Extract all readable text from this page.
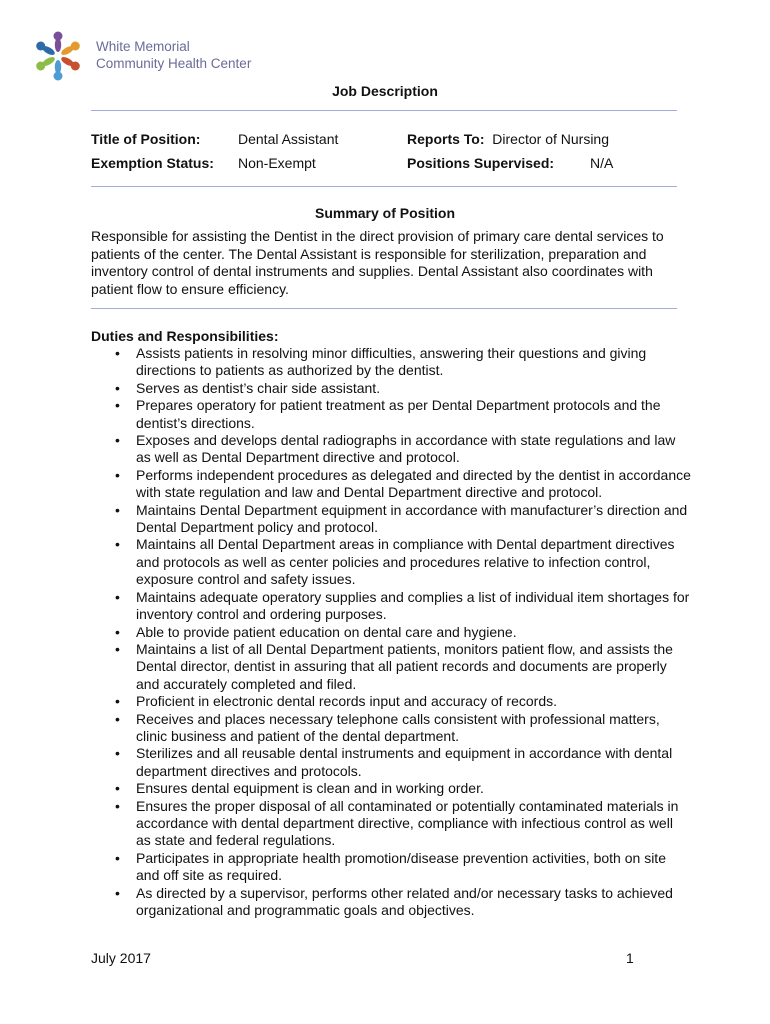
White Memorial
Community Health Center
Job Description
Title of Position:	Dental Assistant	Reports To: Director of Nursing
Exemption Status: Non-Exempt	Positions Supervised:	N/A
Summary of Position
Responsible for assisting the Dentist in the direct provision of primary care dental services to patients of the center. The Dental Assistant is responsible for sterilization, preparation and inventory control of dental instruments and supplies. Dental Assistant also coordinates with patient flow to ensure efficiency.
Duties and Responsibilities:
• Assists patients in resolving minor difficulties, answering their questions and giving directions to patients as authorized by the dentist.
• Serves as dentist’s chair side assistant.
• Prepares operatory for patient treatment as per Dental Department protocols and the dentist’s directions.
• Exposes and develops dental radiographs in accordance with state regulations and law as well as Dental Department directive and protocol.
• Performs independent procedures as delegated and directed by the dentist in accordance with state regulation and law and Dental Department directive and protocol.
• Maintains Dental Department equipment in accordance with manufacturer’s direction and Dental Department policy and protocol.
• Maintains all Dental Department areas in compliance with Dental department directives and protocols as well as center policies and procedures relative to infection control, exposure control and safety issues.
• Maintains adequate operatory supplies and complies a list of individual item shortages for inventory control and ordering purposes.
• Able to provide patient education on dental care and hygiene.
• Maintains a list of all Dental Department patients, monitors patient flow, and assists the Dental director, dentist in assuring that all patient records and documents are properly and accurately completed and filed.
• Proficient in electronic dental records input and accuracy of records.
• Receives and places necessary telephone calls consistent with professional matters, clinic business and patient of the dental department.
• Sterilizes and all reusable dental instruments and equipment in accordance with dental department directives and protocols.
• Ensures dental equipment is clean and in working order.
• Ensures the proper disposal of all contaminated or potentially contaminated materials in accordance with dental department directive, compliance with infectious control as well as state and federal regulations.
• Participates in appropriate health promotion/disease prevention activities, both on site and off site as required.
• As directed by a supervisor, performs other related and/or necessary tasks to achieved organizational and programmatic goals and objectives.
July 2017	1
